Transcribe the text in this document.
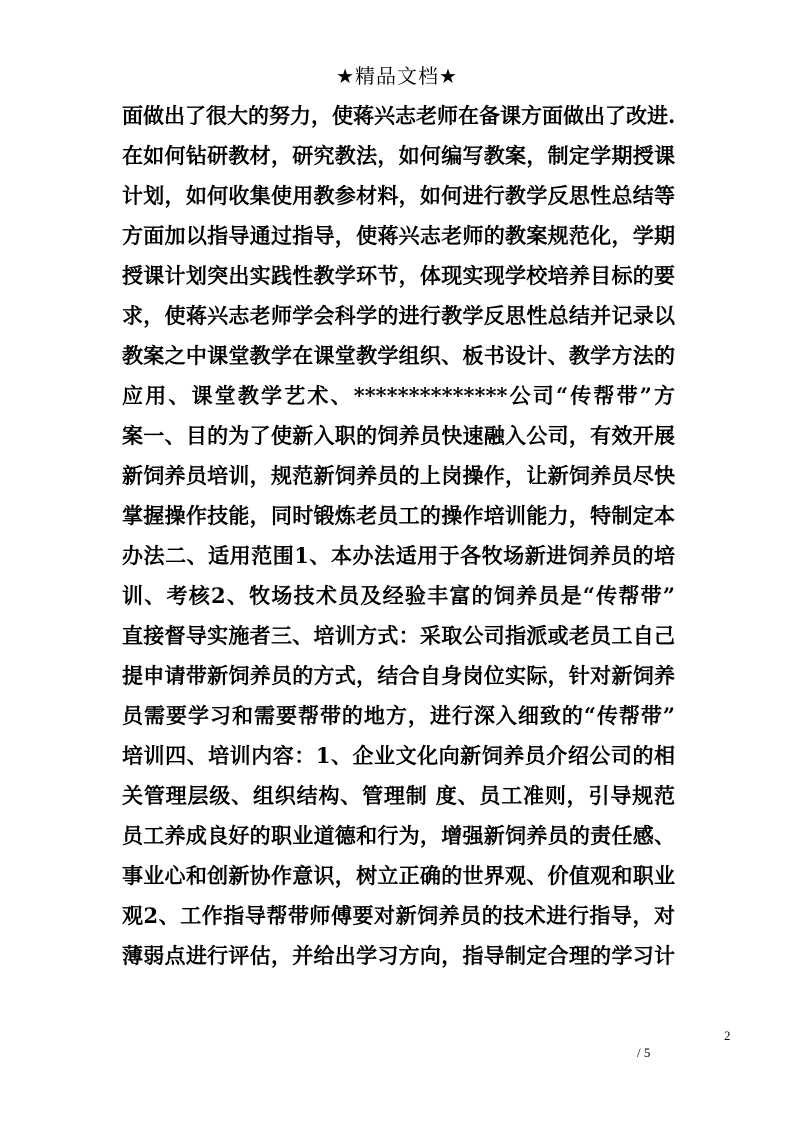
★精品文档★
面做出了很大的努力，使蒋兴志老师在备课方面做出了改进.
在如何钻研教材，研究教法，如何编写教案，制定学期授课
计划，如何收集使用教参材料，如何进行教学反思性总结等
方面加以指导通过指导，使蒋兴志老师的教案规范化，学期
授课计划突出实践性教学环节，体现实现学校培养目标的要
求，使蒋兴志老师学会科学的进行教学反思性总结并记录以
教案之中课堂教学在课堂教学组织、板书设计、教学方法的
应用、课堂教学艺术、**************公司“传帮带”方
案一、目的为了使新入职的饲养员快速融入公司，有效开展
新饲养员培训，规范新饲养员的上岗操作，让新饲养员尽快
掌握操作技能，同时锻炼老员工的操作培训能力，特制定本
办法二、适用范围1、本办法适用于各牧场新进饲养员的培
训、考核2、牧场技术员及经验丰富的饲养员是“传帮带”
直接督导实施者三、培训方式：采取公司指派或老员工自己
提申请带新饲养员的方式，结合自身岗位实际，针对新饲养
员需要学习和需要帮带的地方，进行深入细致的“传帮带”
培训四、培训内容：1、企业文化向新饲养员介绍公司的相
关管理层级、组织结构、管理制 度、员工准则，引导规范
员工养成良好的职业道德和行为，增强新饲养员的责任感、
事业心和创新协作意识，树立正确的世界观、价值观和职业
观2、工作指导帮带师傅要对新饲养员的技术进行指导，对
薄弱点进行评估，并给出学习方向，指导制定合理的学习计
2
/ 5
